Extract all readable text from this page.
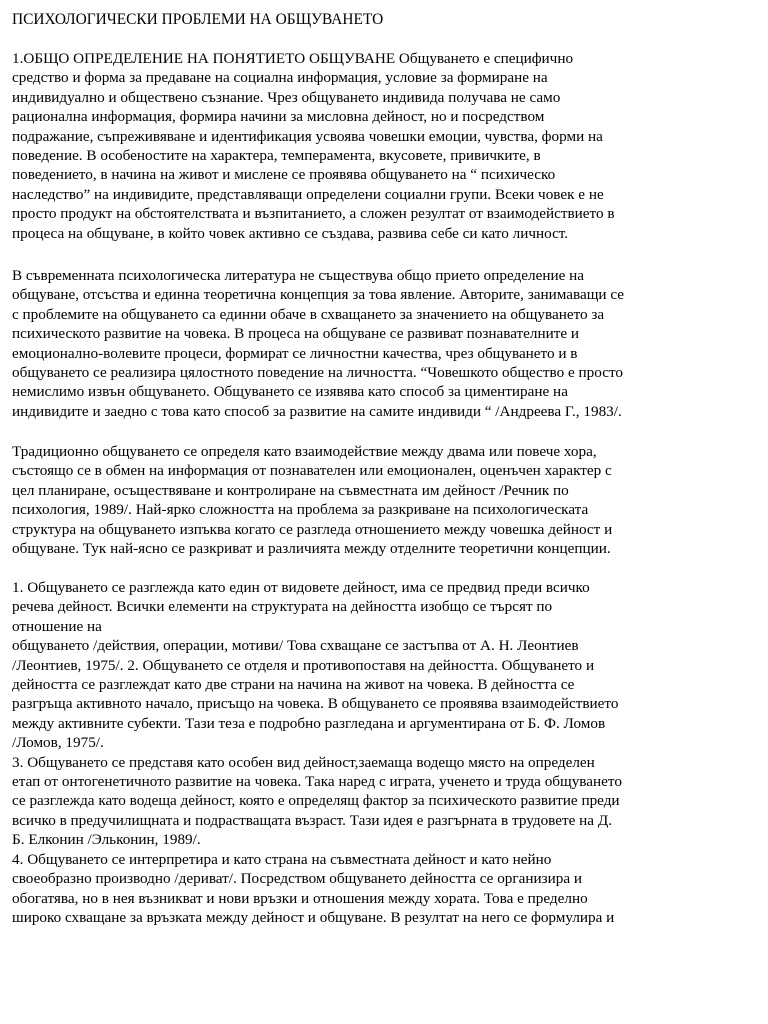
ПСИХОЛОГИЧЕСКИ ПРОБЛЕМИ НА ОБЩУВАНЕТО
1.ОБЩО ОПРЕДЕЛЕНИЕ НА ПОНЯТИЕТО ОБЩУВАНЕ Общуването е специфично
средство и форма за предаване на социална информация, условие за формиране на
индивидуално и обществено съзнание. Чрез общуването индивида получава не само
рационална информация, формира начини за мисловна дейност, но и посредством
подражание, съпреживяване и идентификация усвоява човешки емоции, чувства, форми на
поведение. В особеностите на характера, темперамента, вкусовете, привичките, в
поведението, в начина на живот и мислене се проявява общуването на “ психическо
наследство” на индивидите, представляващи определени социални групи. Всеки човек е не
просто продукт на обстоятелствата и възпитанието, а сложен резултат от взаимодействието в
процеса на общуване, в който човек активно се създава, развива себе си като личност.
В съвременната психологическа литература не съществува общо прието определение на
общуване, отсъства и единна теоретична концепция за това явление. Авторите, занимаващи се
с проблемите на общуването са единни обаче в схващането за значението на общуването за
психическото развитие на човека. В процеса на общуване се развиват познавателните и
емоционално-волевите процеси, формират се личностни качества, чрез общуването и в
общуването се реализира цялостното поведение на личността. “Човешкото общество е просто
немислимо извън общуването. Общуването се изявява като способ за циментиране на
индивидите и заедно с това като способ за развитие на самите индивиди “ /Андреева Г., 1983/.
Традиционно общуването се определя като взаимодействие между двама или повече хора,
състоящо се в обмен на информация от познавателен или емоционален, оценъчен характер с
цел планиране, осъществяване и контролиране на съвместната им дейност /Речник по
психология, 1989/. Най-ярко сложността на проблема за разкриване на психологическата
структура на общуването изпъква когато се разгледа отношението между човешка дейност и
общуване. Тук най-ясно се разкриват и различията между отделните теоретични концепции.
1. Общуването се разглежда като един от видовете дейност, има се предвид преди всичко
речева дейност. Всички елементи на структурата на дейността изобщо се търсят по
отношение на
общуването /действия, операции, мотиви/ Това схващане се застъпва от А. Н. Леонтиев
/Леонтиев, 1975/. 2. Общуването се отделя и противопоставя на дейността. Общуването и
дейността се разглеждат като две страни на начина на живот на човека. В дейността се
разгръща активното начало, присъщо на човека. В общуването се проявява взаимодействието
между активните субекти. Тази теза е подробно разгледана и аргументирана от Б. Ф. Ломов
/Ломов, 1975/.
3. Общуването се представя като особен вид дейност,заемаща водещо място на определен
етап от онтогенетичното развитие на човека. Така наред с играта, ученето и труда общуването
се разглежда като водеща дейност, която е определящ фактор за психическото развитие преди
всичко в предучилищната и подрастващата възраст. Тази идея е разгърната в трудовете на Д.
Б. Елконин /Эльконин, 1989/.
4. Общуването се интерпретира и като страна на съвместната дейност и като нейно
своеобразно производно /дериват/. Посредством общуването дейността се организира и
обогатява, но в нея възникват и нови връзки и отношения между хората. Това е пределно
широко схващане за връзката между дейност и общуване. В резултат на него се формулира и
